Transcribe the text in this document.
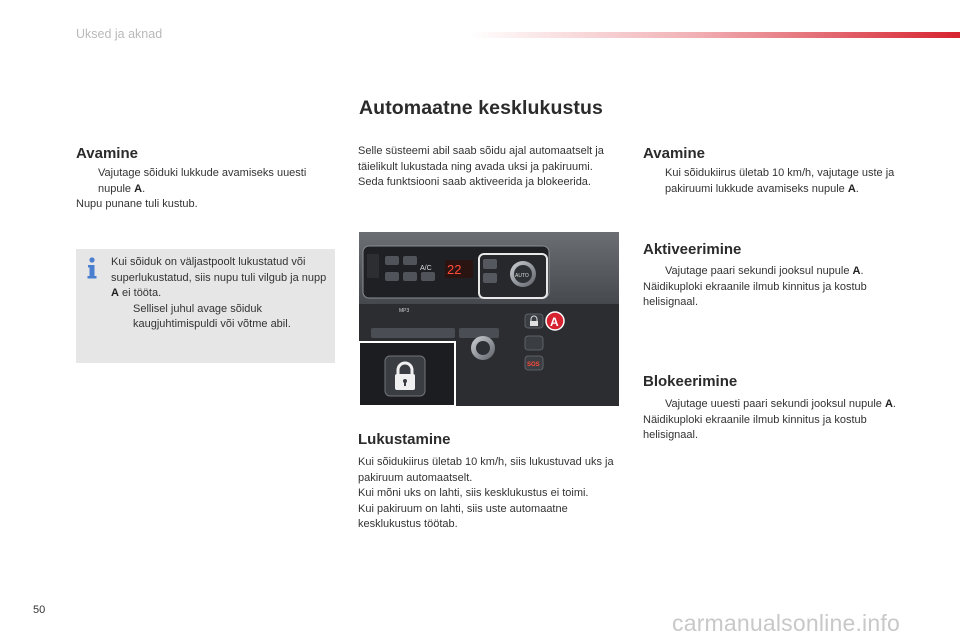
Uksed ja aknad
Automaatne kesklukustus
Avamine
Vajutage sõiduki lukkude avamiseks uuesti nupule A.
Nupu punane tuli kustub.
Kui sõiduk on väljastpoolt lukustatud või superlukustatud, siis nupu tuli vilgub ja nupp A ei tööta.
Sellisel juhul avage sõiduk kaugjuhtimispuldi või võtme abil.
Selle süsteemi abil saab sõidu ajal automaatselt ja täielikult lukustada ning avada uksi ja pakiruumi.
Seda funktsiooni saab aktiveerida ja blokeerida.
A/C 22	AUTO
MP3
SOS
A
Lukustamine
Kui sõidukiirus ületab 10 km/h, siis lukustuvad uks ja pakiruum automaatselt.
Kui mõni uks on lahti, siis kesklukustus ei toimi.
Kui pakiruum on lahti, siis uste automaatne kesklukustus töötab.
Avamine
Kui sõidukiirus ületab 10 km/h, vajutage uste ja pakiruumi lukkude avamiseks nupule A.
Aktiveerimine
Vajutage paari sekundi jooksul nupule A.
Näidikuploki ekraanile ilmub kinnitus ja kostub helisignaal.
Blokeerimine
Vajutage uuesti paari sekundi jooksul nupule A.
Näidikuploki ekraanile ilmub kinnitus ja kostub helisignaal.
50	carmanualsonline.info
